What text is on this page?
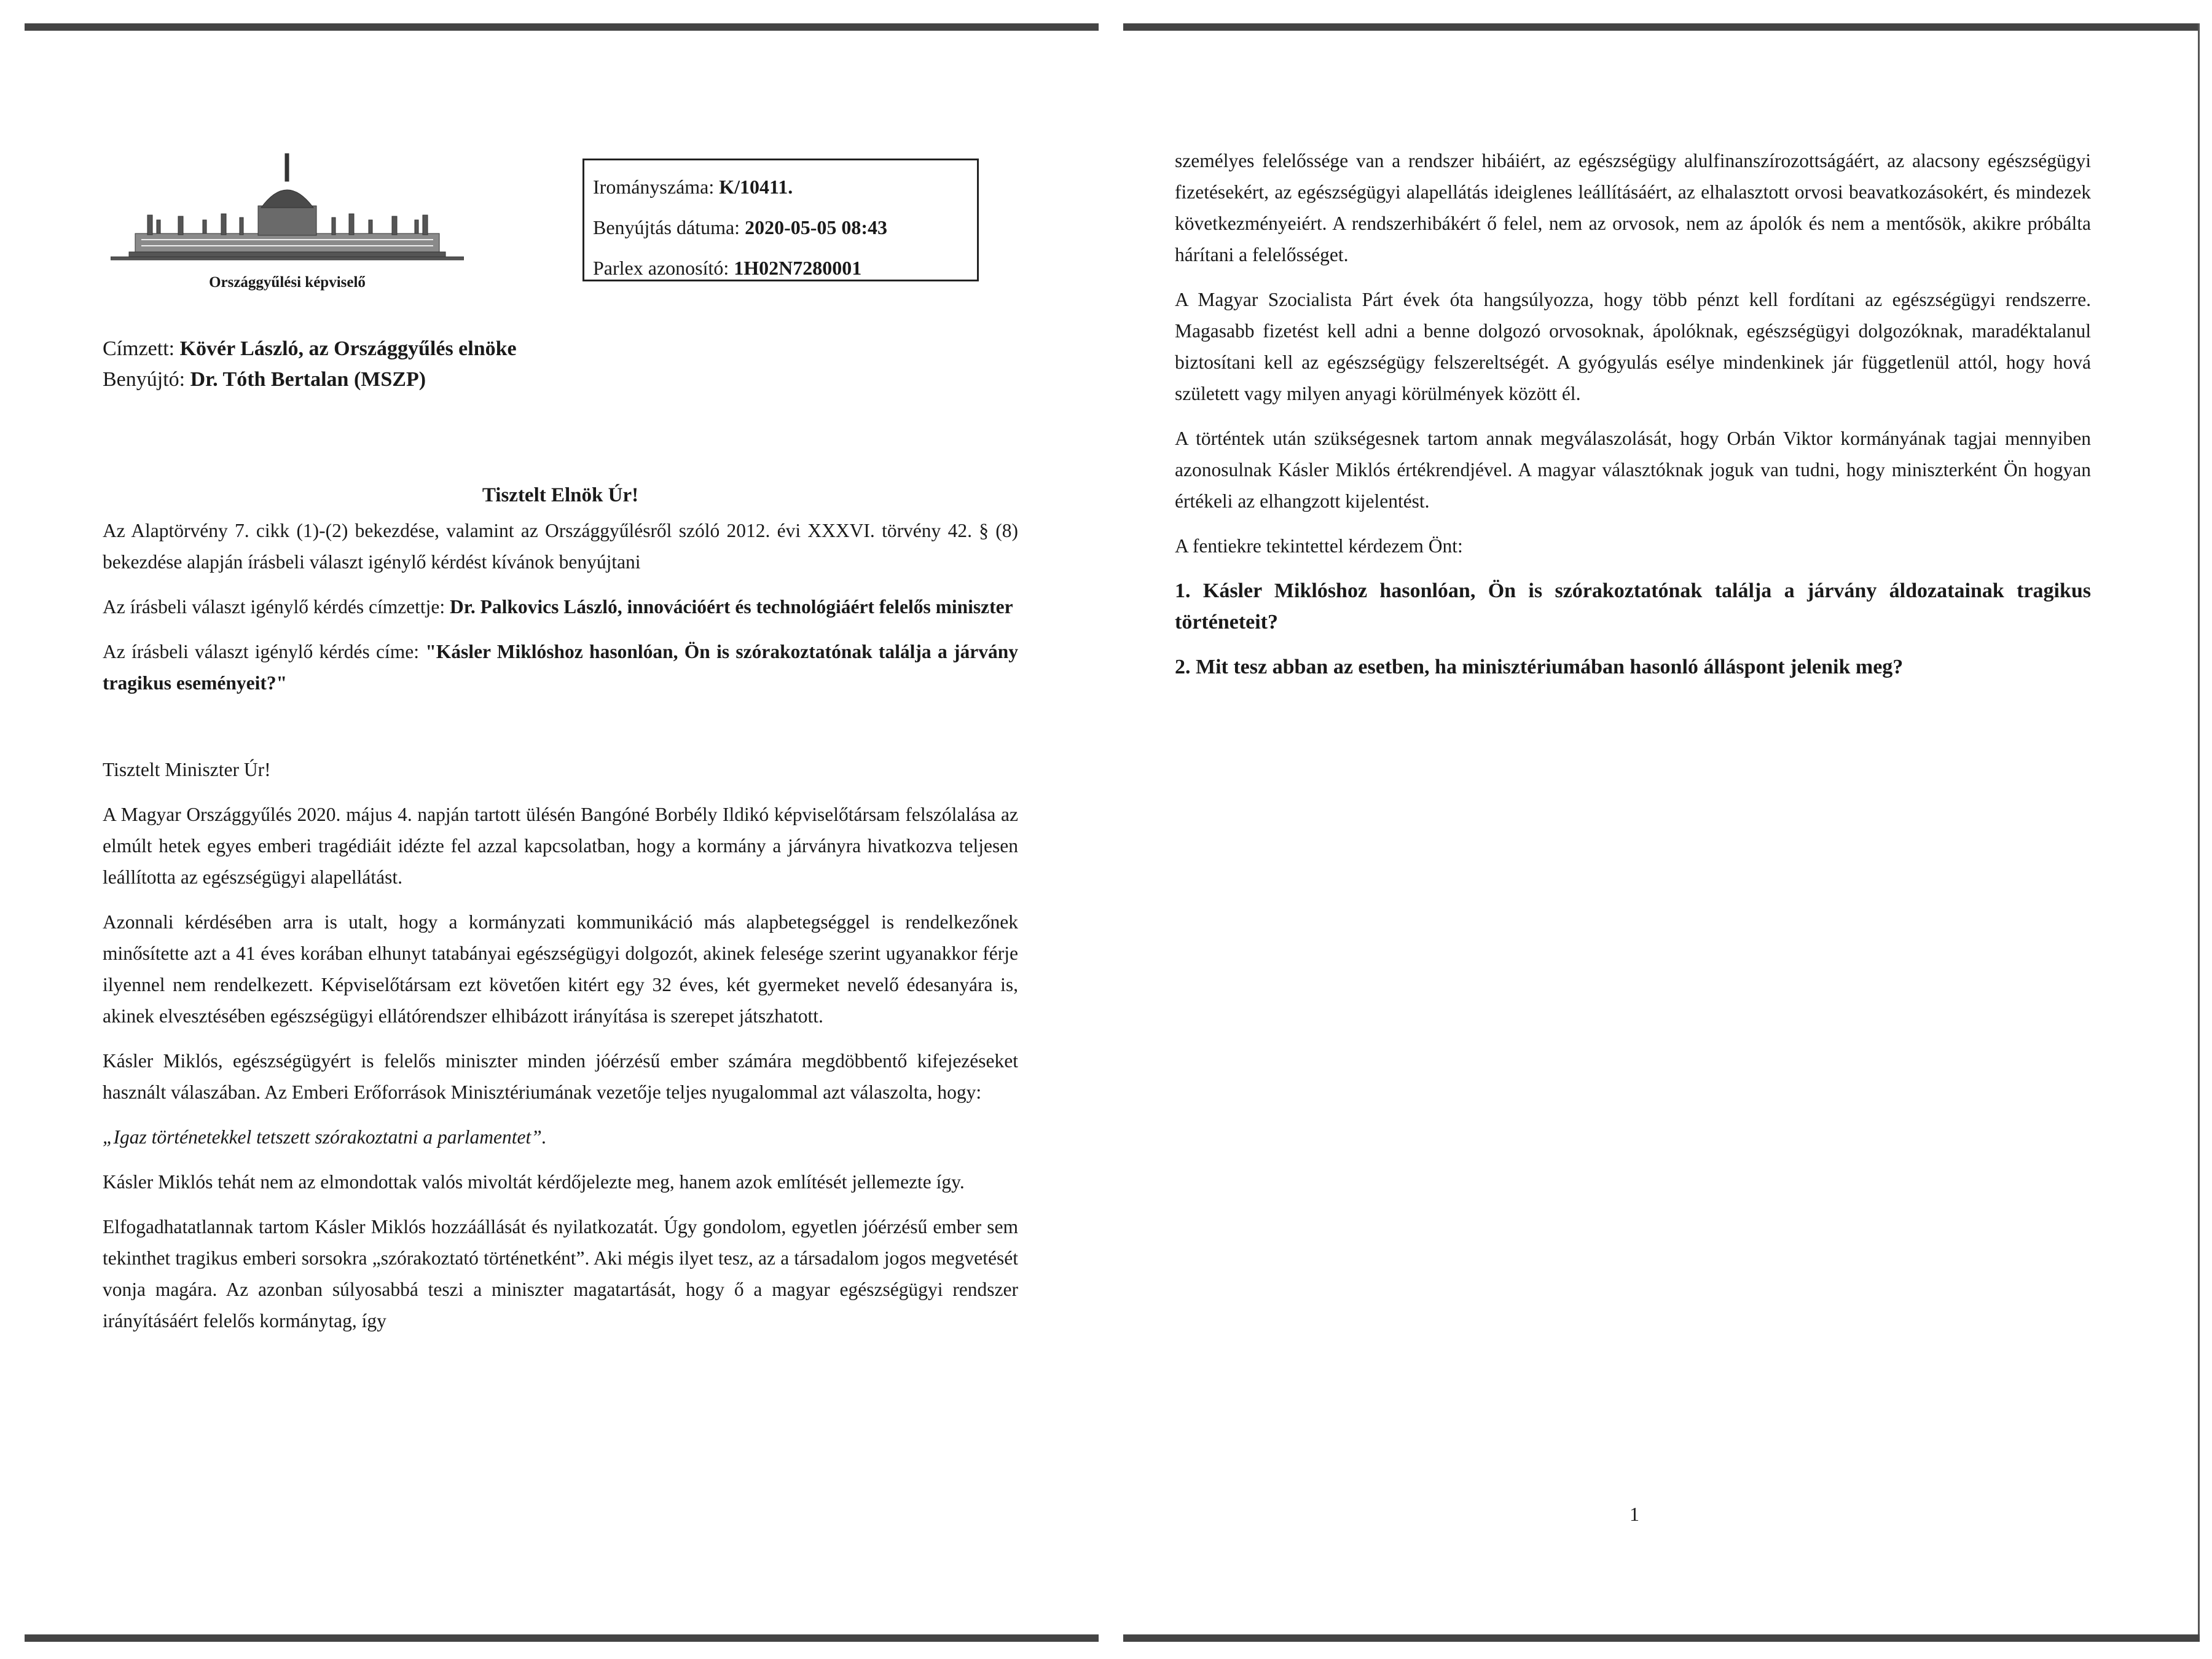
Országgyűlési képviselő
Irományszáma: K/10411.
Benyújtás dátuma: 2020-05-05 08:43
Parlex azonosító: 1H02N7280001
Címzett: Kövér László, az Országgyűlés elnöke
Benyújtó: Dr. Tóth Bertalan (MSZP)

Tisztelt Elnök Úr!

Az Alaptörvény 7. cikk (1)-(2) bekezdése, valamint az Országgyűlésről szóló 2012. évi XXXVI. törvény 42. § (8) bekezdése alapján írásbeli választ igénylő kérdést kívánok benyújtani

Az írásbeli választ igénylő kérdés címzettje: Dr. Palkovics László, innovációért és technológiáért felelős miniszter

Az írásbeli választ igénylő kérdés címe: "Kásler Miklóshoz hasonlóan, Ön is szórakoztatónak találja a járvány tragikus eseményeit?"

Tisztelt Miniszter Úr!

A Magyar Országgyűlés 2020. május 4. napján tartott ülésén Bangóné Borbély Ildikó képviselőtársam felszólalása az elmúlt hetek egyes emberi tragédiáit idézte fel azzal kapcsolatban, hogy a kormány a járványra hivatkozva teljesen leállította az egészségügyi alapellátást.

Azonnali kérdésében arra is utalt, hogy a kormányzati kommunikáció más alapbetegséggel is rendelkezőnek minősítette azt a 41 éves korában elhunyt tatabányai egészségügyi dolgozót, akinek felesége szerint ugyanakkor férje ilyennel nem rendelkezett. Képviselőtársam ezt követően kitért egy 32 éves, két gyermeket nevelő édesanyára is, akinek elvesztésében egészségügyi ellátórendszer elhibázott irányítása is szerepet játszhatott.

Kásler Miklós, egészségügyért is felelős miniszter minden jóérzésű ember számára megdöbbentő kifejezéseket használt válaszában. Az Emberi Erőforrások Minisztériumának vezetője teljes nyugalommal azt válaszolta, hogy:

„Igaz történetekkel tetszett szórakoztatni a parlamentet”.

Kásler Miklós tehát nem az elmondottak valós mivoltát kérdőjelezte meg, hanem azok említését jellemezte így.

Elfogadhatatlannak tartom Kásler Miklós hozzáállását és nyilatkozatát. Úgy gondolom, egyetlen jóérzésű ember sem tekinthet tragikus emberi sorsokra „szórakoztató történetként”. Aki mégis ilyet tesz, az a társadalom jogos megvetését vonja magára. Az azonban súlyosabbá teszi a miniszter magatartását, hogy ő a magyar egészségügyi rendszer irányításáért felelős kormánytag, így

személyes felelőssége van a rendszer hibáiért, az egészségügy alulfinanszírozottságáért, az alacsony egészségügyi fizetésekért, az egészségügyi alapellátás ideiglenes leállításáért, az elhalasztott orvosi beavatkozásokért, és mindezek következményeiért. A rendszerhibákért ő felel, nem az orvosok, nem az ápolók és nem a mentősök, akikre próbálta hárítani a felelősséget.

A Magyar Szocialista Párt évek óta hangsúlyozza, hogy több pénzt kell fordítani az egészségügyi rendszerre. Magasabb fizetést kell adni a benne dolgozó orvosoknak, ápolóknak, egészségügyi dolgozóknak, maradéktalanul biztosítani kell az egészségügy felszereltségét. A gyógyulás esélye mindenkinek jár függetlenül attól, hogy hová született vagy milyen anyagi körülmények között él.

A történtek után szükségesnek tartom annak megválaszolását, hogy Orbán Viktor kormányának tagjai mennyiben azonosulnak Kásler Miklós értékrendjével. A magyar választóknak joguk van tudni, hogy miniszterként Ön hogyan értékeli az elhangzott kijelentést.

A fentiekre tekintettel kérdezem Önt:

1. Kásler Miklóshoz hasonlóan, Ön is szórakoztatónak találja a járvány áldozatainak tragikus történeteit?

2. Mit tesz abban az esetben, ha minisztériumában hasonló álláspont jelenik meg?

1
